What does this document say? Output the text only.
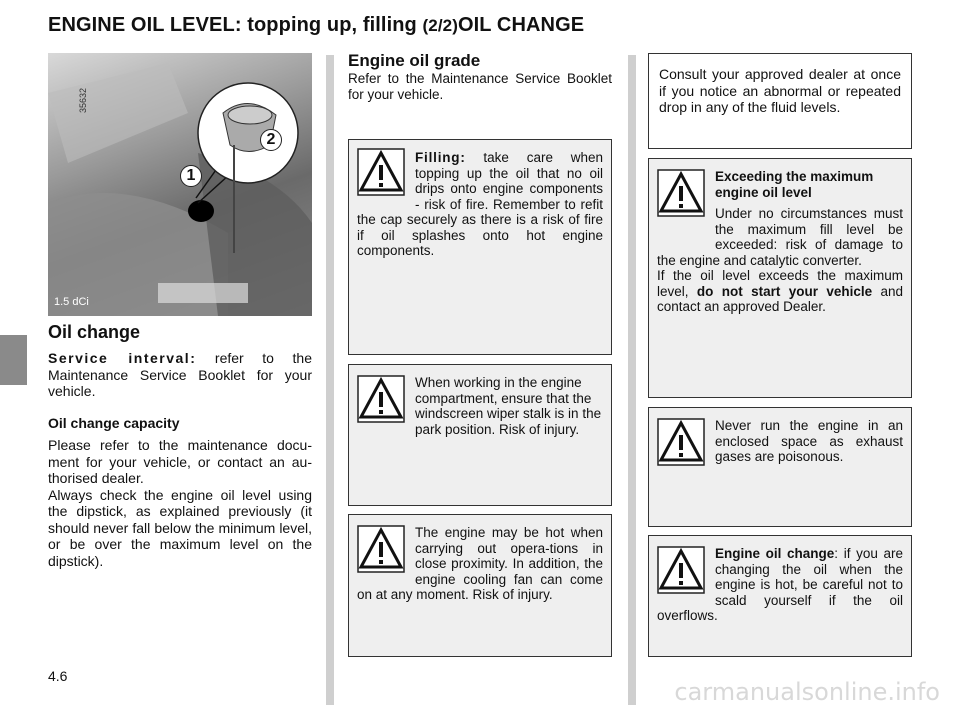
ENGINE OIL LEVEL: topping up, filling (2/2)OIL CHANGE
35632
1
2
1.5 dCi
Oil change
Service interval: refer to the Maintenance Service Booklet for your vehicle.
Oil change capacity
Please refer to the maintenance docu-ment for your vehicle, or contact an au-thorised dealer.
Always check the engine oil level using the dipstick, as explained previously (it should never fall below the minimum level, or be over the maximum level on the dipstick).
Engine oil grade
Refer to the Maintenance Service Booklet for your vehicle.
Filling: take care when topping up the oil that no oil drips onto engine components - risk of fire. Remember to refit the cap securely as there is a risk of fire if oil splashes onto hot engine components.
When working in the engine compartment, ensure that the windscreen wiper stalk is in the park position. Risk of injury.
The engine may be hot when carrying out opera-tions in close proximity. In addition, the engine cooling fan can come on at any moment. Risk of injury.
Consult your approved dealer at once if you notice an abnormal or repeated drop in any of the fluid levels.
Exceeding the maximum engine oil level
Under no circumstances must the maximum fill level be exceeded: risk of damage to the engine and catalytic converter.
If the oil level exceeds the maximum level, do not start your vehicle and contact an approved Dealer.
Never run the engine in an enclosed space as exhaust gases are poisonous.
Engine oil change: if you are changing the oil when the engine is hot, be careful not to scald yourself if the oil overflows.
4.6
carmanualsonline.info
